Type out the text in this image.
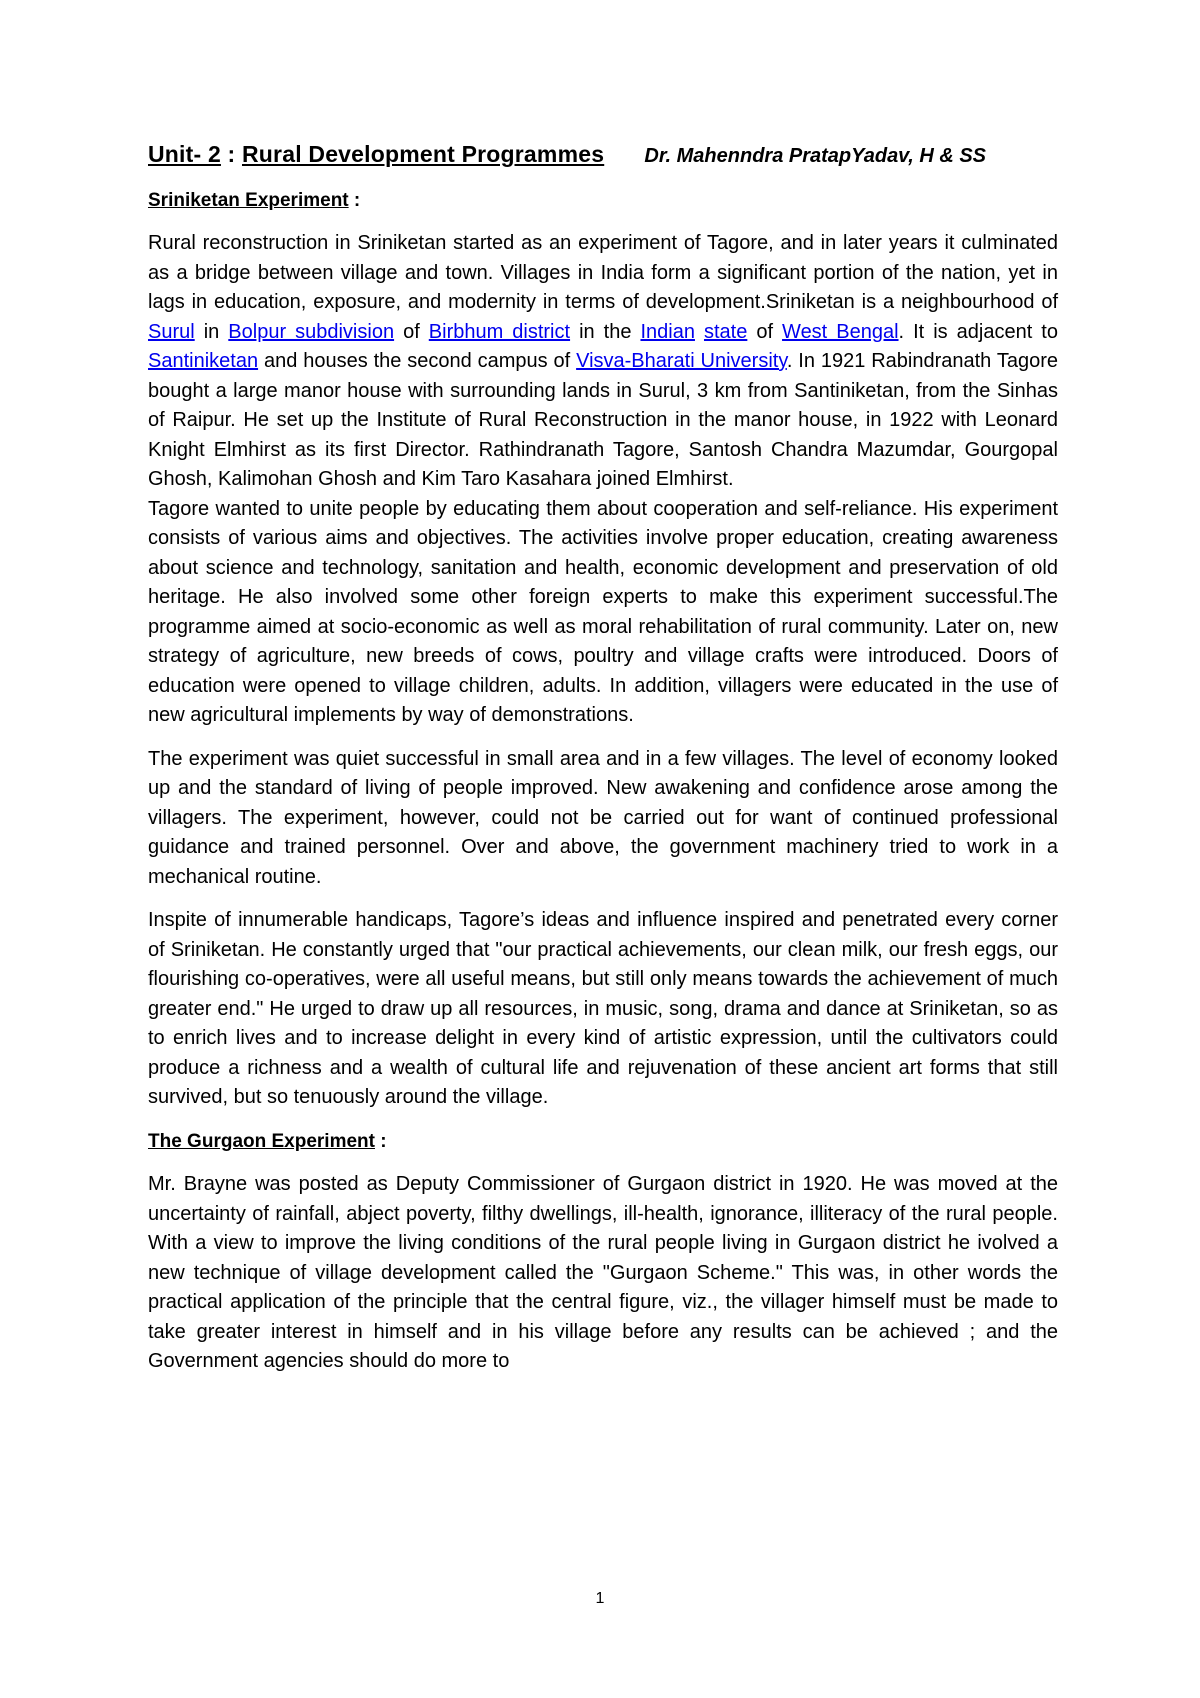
Unit- 2 : Rural Development Programmes Dr. Mahenndra PratapYadav, H & SS
Sriniketan Experiment :

Rural reconstruction in Sriniketan started as an experiment of Tagore, and in later years it culminated as a bridge between village and town. Villages in India form a significant portion of the nation, yet in lags in education, exposure, and modernity in terms of development.Sriniketan is a neighbourhood of Surul in Bolpur subdivision of Birbhum district in the Indian state of West Bengal. It is adjacent to Santiniketan and houses the second campus of Visva-Bharati University. In 1921 Rabindranath Tagore bought a large manor house with surrounding lands in Surul, 3 km from Santiniketan, from the Sinhas of Raipur. He set up the Institute of Rural Reconstruction in the manor house, in 1922 with Leonard Knight Elmhirst as its first Director. Rathindranath Tagore, Santosh Chandra Mazumdar, Gourgopal Ghosh, Kalimohan Ghosh and Kim Taro Kasahara joined Elmhirst.

Tagore wanted to unite people by educating them about cooperation and self-reliance. His experiment consists of various aims and objectives. The activities involve proper education, creating awareness about science and technology, sanitation and health, economic development and preservation of old heritage. He also involved some other foreign experts to make this experiment successful.The programme aimed at socio-economic as well as moral rehabilitation of rural community. Later on, new strategy of agriculture, new breeds of cows, poultry and village crafts were introduced. Doors of education were opened to village children, adults. In addition, villagers were educated in the use of new agricultural implements by way of demonstrations.

The experiment was quiet successful in small area and in a few villages. The level of economy looked up and the standard of living of people improved. New awakening and confidence arose among the villagers. The experiment, however, could not be carried out for want of continued professional guidance and trained personnel. Over and above, the government machinery tried to work in a mechanical routine.

Inspite of innumerable handicaps, Tagore’s ideas and influence inspired and penetrated every corner of Sriniketan. He constantly urged that "our practical achievements, our clean milk, our fresh eggs, our flourishing co-operatives, were all useful means, but still only means towards the achievement of much greater end." He urged to draw up all resources, in music, song, drama and dance at Sriniketan, so as to enrich lives and to increase delight in every kind of artistic expression, until the cultivators could produce a richness and a wealth of cultural life and rejuvenation of these ancient art forms that still survived, but so tenuously around the village.

The Gurgaon Experiment :

Mr. Brayne was posted as Deputy Commissioner of Gurgaon district in 1920. He was moved at the uncertainty of rainfall, abject poverty, filthy dwellings, ill-health, ignorance, illiteracy of the rural people. With a view to improve the living conditions of the rural people living in Gurgaon district he ivolved a new technique of village development called the "Gurgaon Scheme." This was, in other words the practical application of the principle that the central figure, viz., the villager himself must be made to take greater interest in himself and in his village before any results can be achieved ; and the Government agencies should do more to

1
